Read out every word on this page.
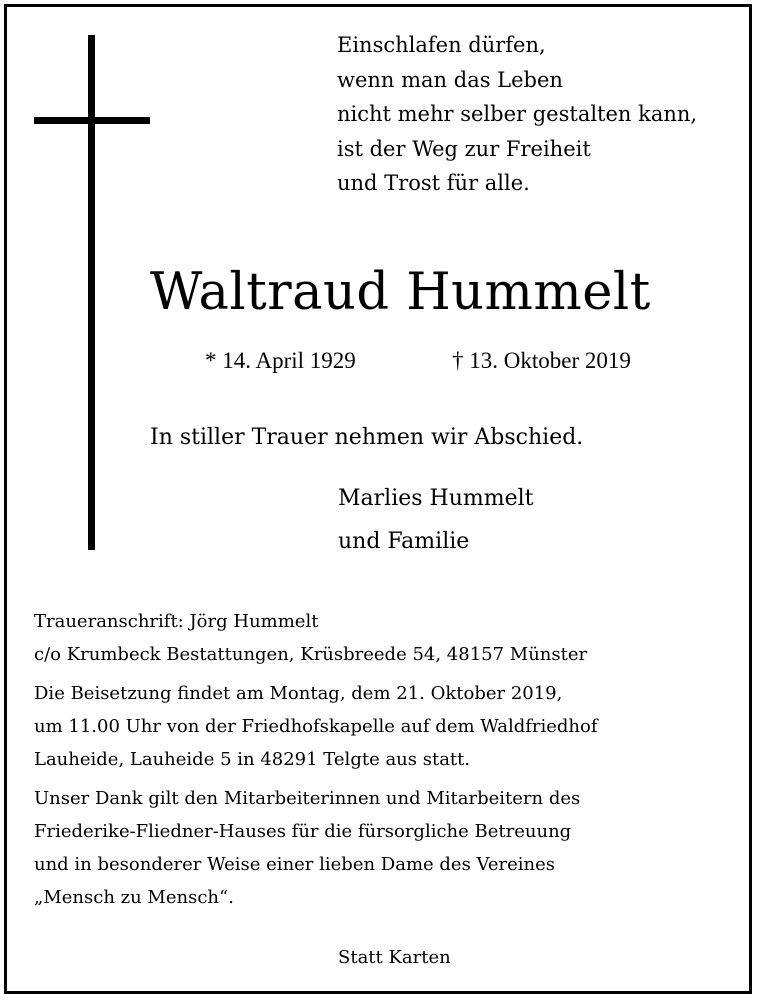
Einschlafen dürfen,
wenn man das Leben
nicht mehr selber gestalten kann,
ist der Weg zur Freiheit
und Trost für alle.
Waltraud Hummelt
* 14. April 1929	† 13. Oktober 2019
In stiller Trauer nehmen wir Abschied.
Marlies Hummelt
und Familie
Traueranschrift: Jörg Hummelt
c/o Krumbeck Bestattungen, Krüsbreede 54, 48157 Münster
Die Beisetzung findet am Montag, dem 21. Oktober 2019,
um 11.00 Uhr von der Friedhofskapelle auf dem Waldfriedhof
Lauheide, Lauheide 5 in 48291 Telgte aus statt.
Unser Dank gilt den Mitarbeiterinnen und Mitarbeitern des
Friederike-Fliedner-Hauses für die fürsorgliche Betreuung
und in besonderer Weise einer lieben Dame des Vereines
„Mensch zu Mensch“.
Statt Karten
